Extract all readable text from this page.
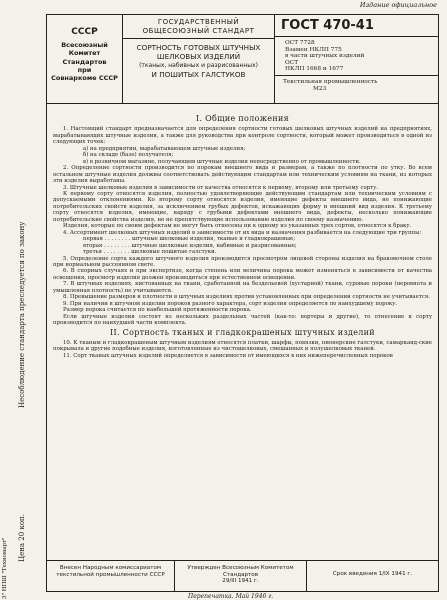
Издание официальное
Несоблюдение стандарта преследуется по закону
Цена 20 коп.
3" НПШ "Техномарт"
СССР
Всесоюзный
Комитет Стандартов
при
Совнаркоме СССР
ГОСУДАРСТВЕННЫЙ
ОБЩЕСОЮЗНЫЙ СТАНДАРТ
СОРТНОСТЬ ГОТОВЫХ ШТУЧНЫХ
ШЕЛКОВЫХ ИЗДЕЛИЙ
(тканых, набивных и разрисованных)
И ПОШИТЫХ ГАЛСТУКОВ
ГОСТ 470-41
ОСТ 7728
Взамен НКЛП 775
в части штучных изделий
ОСТ
НКЛП 1668 и 1677
Текстильная промышленность
М23

I. Общие положения

1. Настоящий стандарт предназначается для определения сортности готовых шелковых штучных изделий на предприятиях, вырабатывающих штучные изделия, а также для руководства при контроле сортности, который может производиться в одной из следующих точек:

а) на предприятии, вырабатывающем штучные изделия;

б) на складе (базе) получателя;

в) в розничном магазине, получающем штучные изделия непосредственно от промышленности.

2. Определение сортности производится по порокам внешнего вида и размерам, а также по плотности по утку. Во всем остальном штучные изделия должны соответствовать действующим стандартам или техническим условиям на ткани, из которых эти изделия выработаны.

3. Штучные шелковые изделия в зависимости от качества относятся к первому, второму или третьему сорту.

К первому сорту относятся изделия, полностью удовлетворяющие действующим стандартам или техническим условиям с допускаемыми отклонениями. Ко второму сорту относятся изделия, имеющие дефекты внешнего вида, не понижающие потребительских свойств изделия, за исключением грубых дефектов, искажающих форму и внешний вид изделия. К третьему сорту относятся изделия, имеющие, наряду с грубыми дефектами внешнего вида, дефекты, несколько понижающие потребительские свойства изделия, но не препятствующие использованию изделия по своему назначению.

Изделия, которые по своим дефектам не могут быть отнесены ни к одному из указанных трех сортов, относятся к браку.

4. Ассортимент шелковых штучных изделий в зависимости от их вида и назначения разбивается на следующие три группы:

первая . . . . . . . . штучные шелковые изделия, тканые и гладкокрашеные;

вторая . . . . . . . . штучные шелковые изделия, набивные и разрисованные;

третья . . . . . . . . шелковые пошитые галстуки.

5. Определение сорта каждого штучного изделия производится просмотром лицевой стороны изделия на браковочном столе при нормальном рассеянном свете.

6. В спорных случаях и при экспертизе, когда степень или величина порока может изменяться в зависимости от качества освещения, просмотр изделия должен производиться при естественном освещении.

7. В штучных изделиях, кистованных на ткани, сработанной на бездельевой (хустарной) ткани, суровые пороки (неровнота и умышленная плотность) не учитываются.

8. Превышение размеров и плотности в штучных изделиях против установленных при определении сортности не учитывается.

9. При наличии в штучном изделии пороков разного характера, сорт изделия определяется по наихудшему пороку.

Размер порока считается по наибольшей протяженности порока.

Если штучные изделия состоят из нескольких раздельных частей (как-то: вортеры и другие), то отнесение к сорту производится по наихудшей части комплекта.

II. Сортность тканых и гладкокрашеных штучных изделий

10. К тканым и гладкокрашеным штучным изделиям относятся платки, шарфы, повязки, пионерские галстуки, самарканд-ские покрывала и другие подобные изделия, изготовленные из чистошелковых, смешанных и полушелковых тканей.

11. Сорт тканых штучных изделий определяется в зависимости от имеющихся в них нижеперечисленных пороков

Внесен Народным комиссариатом текстильной промышленности СССР
Утвержден Всесоюзным Комитетом Стандартов
29/III 1941 г.
Срок введения 1/IX 1941 г.
Перепечатка. Май 1946 г.
